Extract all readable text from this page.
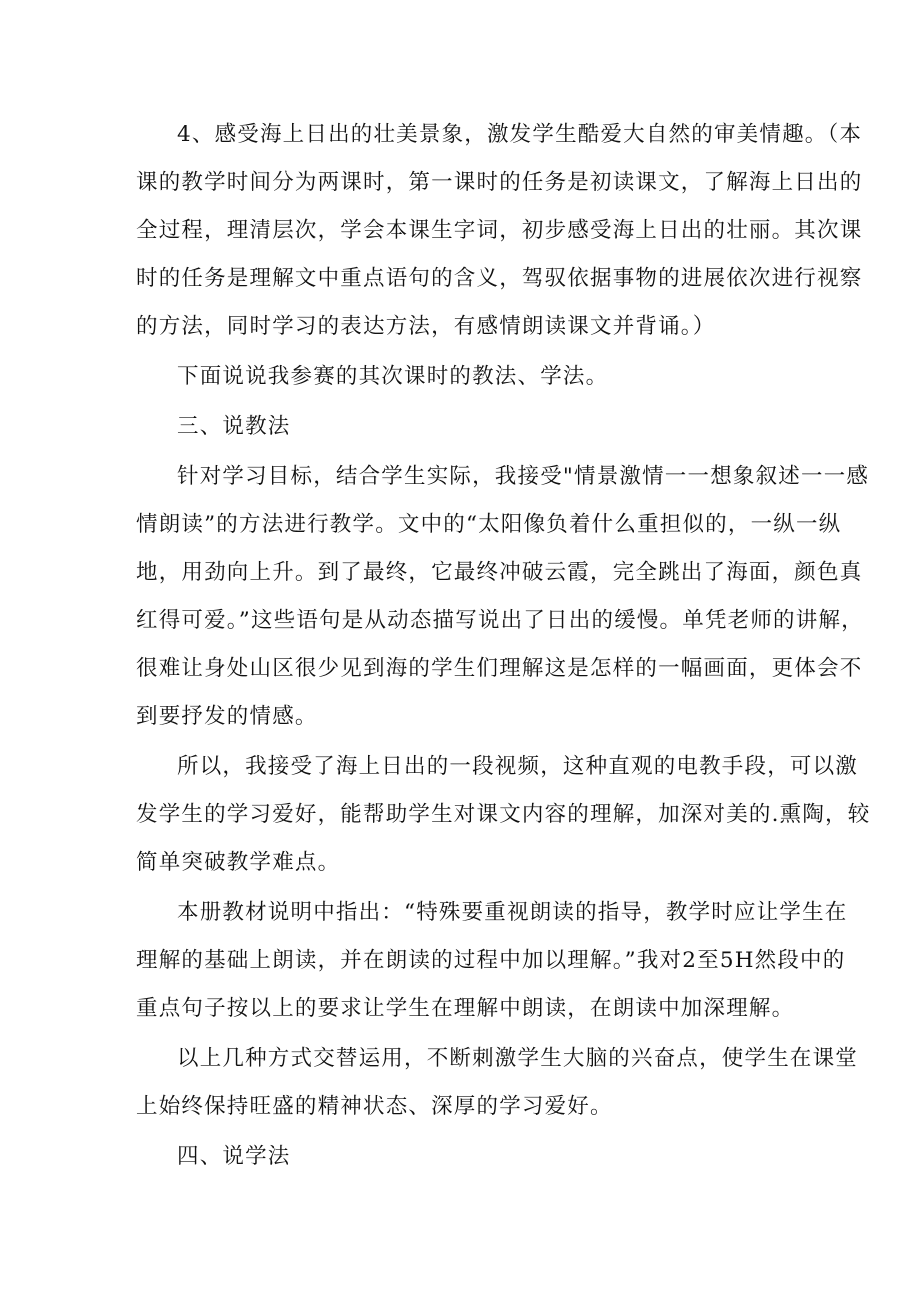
4、感受海上日出的壮美景象，激发学生酷爱大自然的审美情趣。（本
课的教学时间分为两课时，第一课时的任务是初读课文，了解海上日出的
全过程，理清层次，学会本课生字词，初步感受海上日出的壮丽。其次课
时的任务是理解文中重点语句的含义，驾驭依据事物的进展依次进行视察
的方法，同时学习的表达方法，有感情朗读课文并背诵。）
下面说说我参赛的其次课时的教法、学法。
三、说教法
针对学习目标，结合学生实际，我接受"情景激情一一想象叙述一一感
情朗读”的方法进行教学。文中的“太阳像负着什么重担似的，一纵一纵
地，用劲向上升。到了最终，它最终冲破云霞，完全跳出了海面，颜色真
红得可爱。”这些语句是从动态描写说出了日出的缓慢。单凭老师的讲解，
很难让身处山区很少见到海的学生们理解这是怎样的一幅画面，更体会不
到要抒发的情感。
所以，我接受了海上日出的一段视频，这种直观的电教手段，可以激
发学生的学习爱好，能帮助学生对课文内容的理解，加深对美的.熏陶，较
简单突破教学难点。
本册教材说明中指出：“特殊要重视朗读的指导，教学时应让学生在
理解的基础上朗读，并在朗读的过程中加以理解。”我对2至5H然段中的
重点句子按以上的要求让学生在理解中朗读，在朗读中加深理解。
以上几种方式交替运用，不断刺激学生大脑的兴奋点，使学生在课堂
上始终保持旺盛的精神状态、深厚的学习爱好。
四、说学法
